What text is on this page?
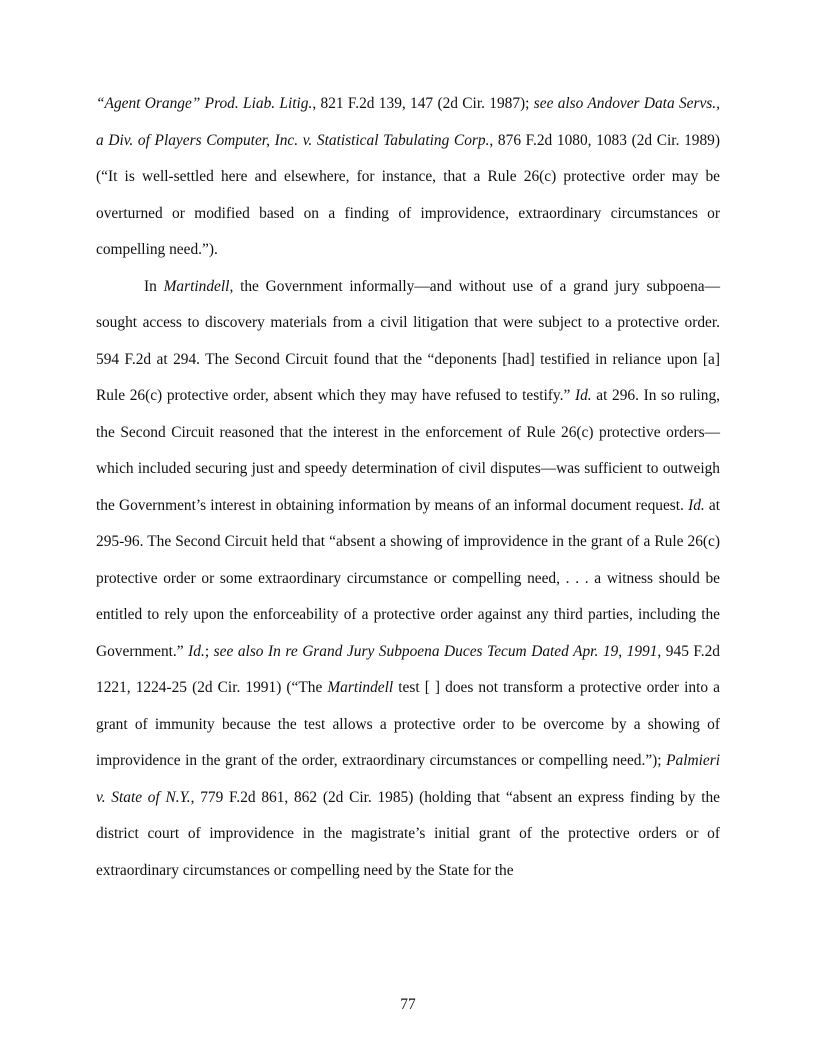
“Agent Orange” Prod. Liab. Litig., 821 F.2d 139, 147 (2d Cir. 1987); see also Andover Data Servs., a Div. of Players Computer, Inc. v. Statistical Tabulating Corp., 876 F.2d 1080, 1083 (2d Cir. 1989) (“It is well-settled here and elsewhere, for instance, that a Rule 26(c) protective order may be overturned or modified based on a finding of improvidence, extraordinary circumstances or compelling need.”).

In Martindell, the Government informally—and without use of a grand jury subpoena—sought access to discovery materials from a civil litigation that were subject to a protective order. 594 F.2d at 294. The Second Circuit found that the “deponents [had] testified in reliance upon [a] Rule 26(c) protective order, absent which they may have refused to testify.” Id. at 296. In so ruling, the Second Circuit reasoned that the interest in the enforcement of Rule 26(c) protective orders—which included securing just and speedy determination of civil disputes—was sufficient to outweigh the Government’s interest in obtaining information by means of an informal document request. Id. at 295-96. The Second Circuit held that “absent a showing of improvidence in the grant of a Rule 26(c) protective order or some extraordinary circumstance or compelling need, . . . a witness should be entitled to rely upon the enforceability of a protective order against any third parties, including the Government.” Id.; see also In re Grand Jury Subpoena Duces Tecum Dated Apr. 19, 1991, 945 F.2d 1221, 1224-25 (2d Cir. 1991) (“The Martindell test [ ] does not transform a protective order into a grant of immunity because the test allows a protective order to be overcome by a showing of improvidence in the grant of the order, extraordinary circumstances or compelling need.”); Palmieri v. State of N.Y., 779 F.2d 861, 862 (2d Cir. 1985) (holding that “absent an express finding by the district court of improvidence in the magistrate’s initial grant of the protective orders or of extraordinary circumstances or compelling need by the State for the

77
